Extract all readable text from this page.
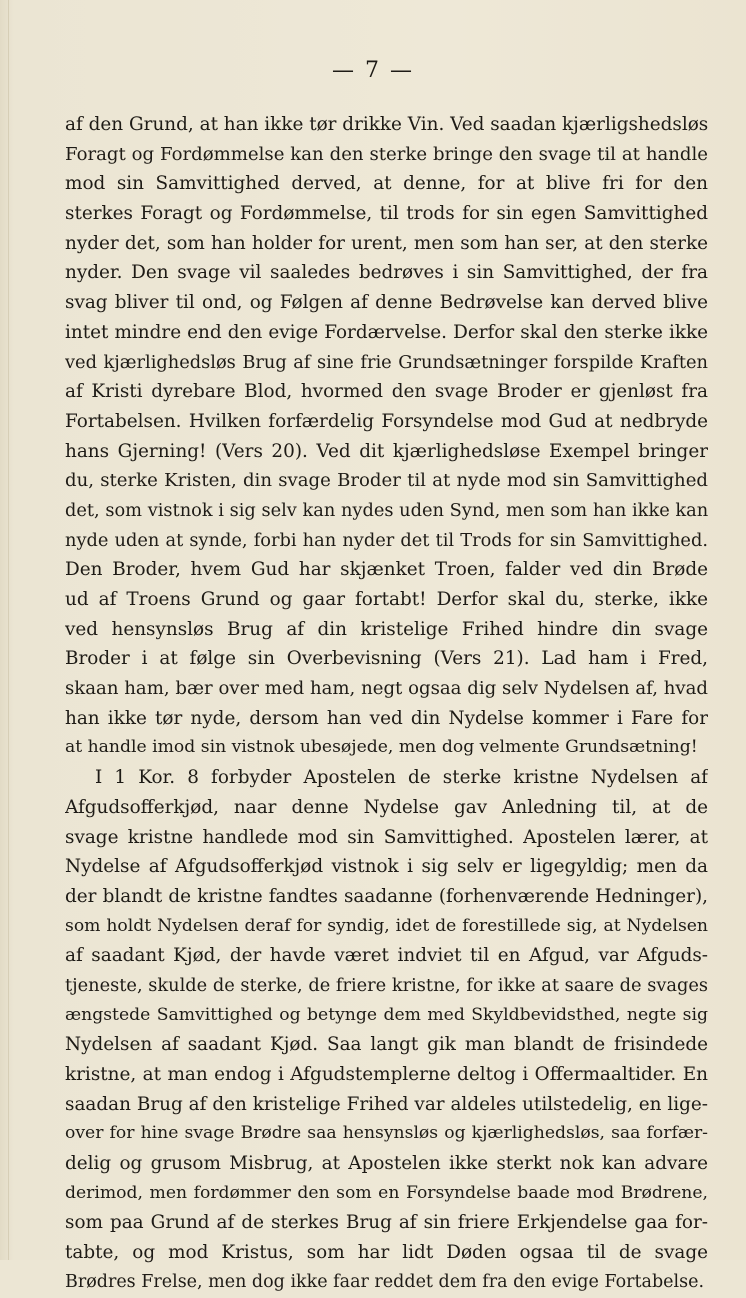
— 7 —
af den Grund, at han ikke tør drikke Vin. Ved saadan kjærligshedsløs
Foragt og Fordømmelse kan den sterke bringe den svage til at handle
mod sin Samvittighed derved, at denne, for at blive fri for den
sterkes Foragt og Fordømmelse, til trods for sin egen Samvittighed
nyder det, som han holder for urent, men som han ser, at den sterke
nyder. Den svage vil saaledes bedrøves i sin Samvittighed, der fra
svag bliver til ond, og Følgen af denne Bedrøvelse kan derved blive
intet mindre end den evige Fordærvelse. Derfor skal den sterke ikke
ved kjærlighedsløs Brug af sine frie Grundsætninger forspilde Kraften
af Kristi dyrebare Blod, hvormed den svage Broder er gjenløst fra
Fortabelsen. Hvilken forfærdelig Forsyndelse mod Gud at nedbryde
hans Gjerning! (Vers 20). Ved dit kjærlighedsløse Exempel bringer
du, sterke Kristen, din svage Broder til at nyde mod sin Samvittighed
det, som vistnok i sig selv kan nydes uden Synd, men som han ikke kan
nyde uden at synde, forbi han nyder det til Trods for sin Samvittighed.
Den Broder, hvem Gud har skjænket Troen, falder ved din Brøde
ud af Troens Grund og gaar fortabt! Derfor skal du, sterke, ikke
ved hensynsløs Brug af din kristelige Frihed hindre din svage
Broder i at følge sin Overbevisning (Vers 21). Lad ham i Fred,
skaan ham, bær over med ham, negt ogsaa dig selv Nydelsen af, hvad
han ikke tør nyde, dersom han ved din Nydelse kommer i Fare for
at handle imod sin vistnok ubesøjede, men dog velmente Grundsætning!
I 1 Kor. 8 forbyder Apostelen de sterke kristne Nydelsen af
Afgudsofferkjød, naar denne Nydelse gav Anledning til, at de
svage kristne handlede mod sin Samvittighed. Apostelen lærer, at
Nydelse af Afgudsofferkjød vistnok i sig selv er ligegyldig; men da
der blandt de kristne fandtes saadanne (forhenværende Hedninger),
som holdt Nydelsen deraf for syndig, idet de forestillede sig, at Nydelsen
af saadant Kjød, der havde været indviet til en Afgud, var Afguds-
tjeneste, skulde de sterke, de friere kristne, for ikke at saare de svages
ængstede Samvittighed og betynge dem med Skyldbevidsthed, negte sig
Nydelsen af saadant Kjød. Saa langt gik man blandt de frisindede
kristne, at man endog i Afgudstemplerne deltog i Offermaaltider. En
saadan Brug af den kristelige Frihed var aldeles utilstedelig, en lige-
over for hine svage Brødre saa hensynsløs og kjærlighedsløs, saa forfær-
delig og grusom Misbrug, at Apostelen ikke sterkt nok kan advare
derimod, men fordømmer den som en Forsyndelse baade mod Brødrene,
som paa Grund af de sterkes Brug af sin friere Erkjendelse gaa for-
tabte, og mod Kristus, som har lidt Døden ogsaa til de svage
Brødres Frelse, men dog ikke faar reddet dem fra den evige Fortabelse.
